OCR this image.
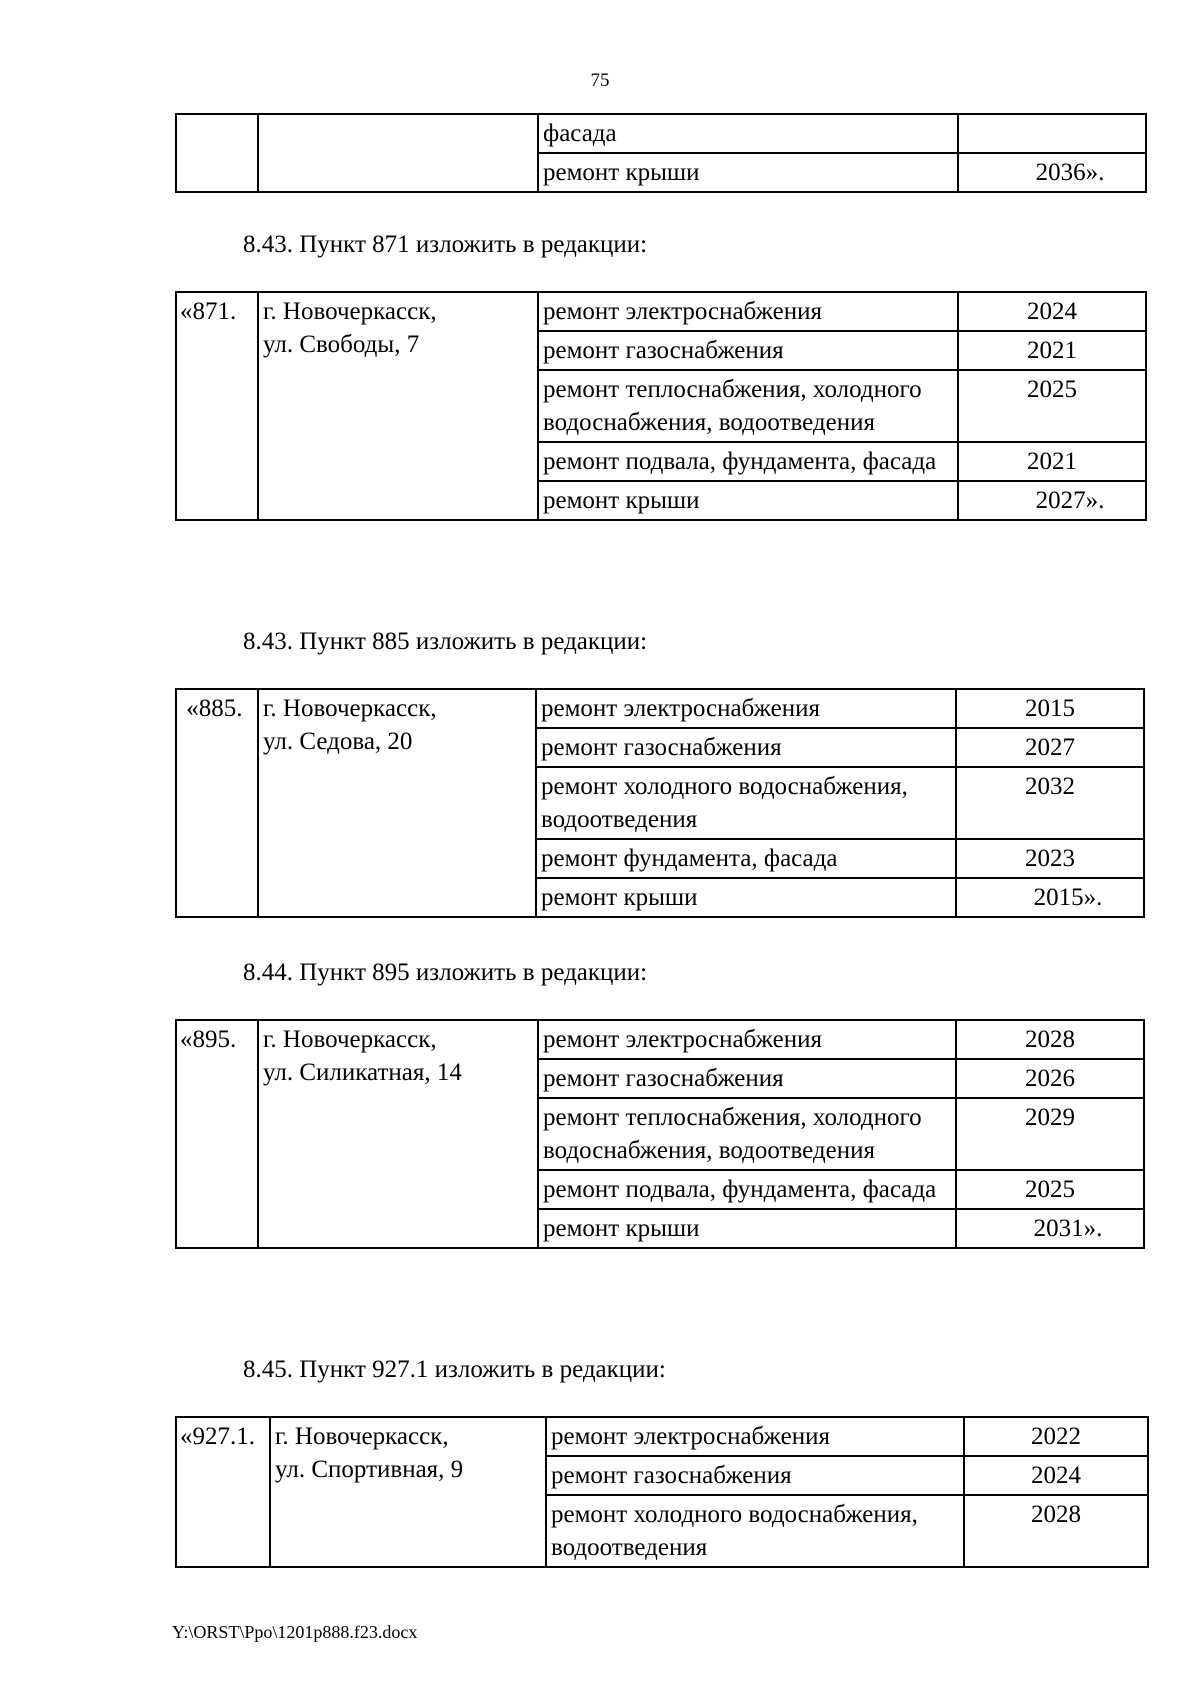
75
		фасада	
		ремонт крыши	2036».
8.43. Пункт 871 изложить в редакции:
«871.	г. Новочеркасск,
ул. Свободы, 7	ремонт электроснабжения	2024
		ремонт газоснабжения	2021
		ремонт теплоснабжения, холодного водоснабжения, водоотведения	2025
		ремонт подвала, фундамента, фасада	2021
		ремонт крыши	2027».
8.43. Пункт 885 изложить в редакции:
«885.	г. Новочеркасск,
ул. Седова, 20	ремонт электроснабжения	2015
		ремонт газоснабжения	2027
		ремонт холодного водоснабжения, водоотведения	2032
		ремонт фундамента, фасада	2023
		ремонт крыши	2015».
8.44. Пункт 895 изложить в редакции:
«895.	г. Новочеркасск,
ул. Силикатная, 14	ремонт электроснабжения	2028
		ремонт газоснабжения	2026
		ремонт теплоснабжения, холодного водоснабжения, водоотведения	2029
		ремонт подвала, фундамента, фасада	2025
		ремонт крыши	2031».
8.45. Пункт 927.1 изложить в редакции:
«927.1.	г. Новочеркасск,
ул. Спортивная, 9	ремонт электроснабжения	2022
		ремонт газоснабжения	2024
		ремонт холодного водоснабжения, водоотведения	2028
Y:\ORST\Ppo\1201p888.f23.docx
